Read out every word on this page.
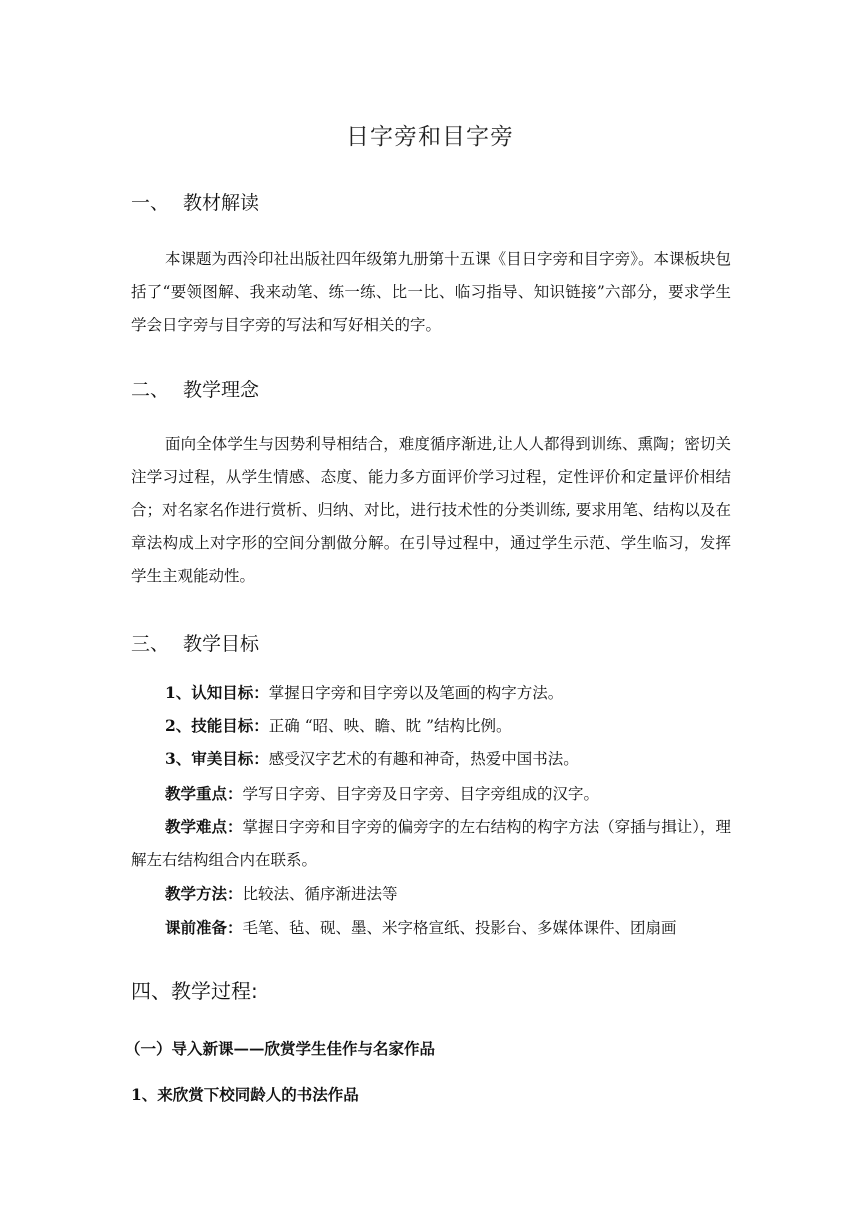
日字旁和目字旁
一、 教材解读
本课题为西泠印社出版社四年级第九册第十五课《目日字旁和目字旁》。本课板块包括了“要领图解、我来动笔、练一练、比一比、临习指导、知识链接”六部分，要求学生学会日字旁与目字旁的写法和写好相关的字。
二、 教学理念
面向全体学生与因势利导相结合，难度循序渐进,让人人都得到训练、熏陶；密切关注学习过程，从学生情感、态度、能力多方面评价学习过程，定性评价和定量评价相结合；对名家名作进行赏析、归纳、对比，进行技术性的分类训练, 要求用笔、结构以及在章法构成上对字形的空间分割做分解。在引导过程中，通过学生示范、学生临习，发挥学生主观能动性。
三、 教学目标
1、认知目标：掌握日字旁和目字旁以及笔画的构字方法。
2、技能目标：正确 “昭、映、瞻、眈 ”结构比例。
3、审美目标：感受汉字艺术的有趣和神奇，热爱中国书法。
教学重点：学写日字旁、目字旁及日字旁、目字旁组成的汉字。
教学难点：掌握日字旁和目字旁的偏旁字的左右结构的构字方法（穿插与揖让），理解左右结构组合内在联系。
教学方法：比较法、循序渐进法等
课前准备：毛笔、毡、砚、墨、米字格宣纸、投影台、多媒体课件、团扇画
四、教学过程:
（一）导入新课——欣赏学生佳作与名家作品
1、来欣赏下校同龄人的书法作品
